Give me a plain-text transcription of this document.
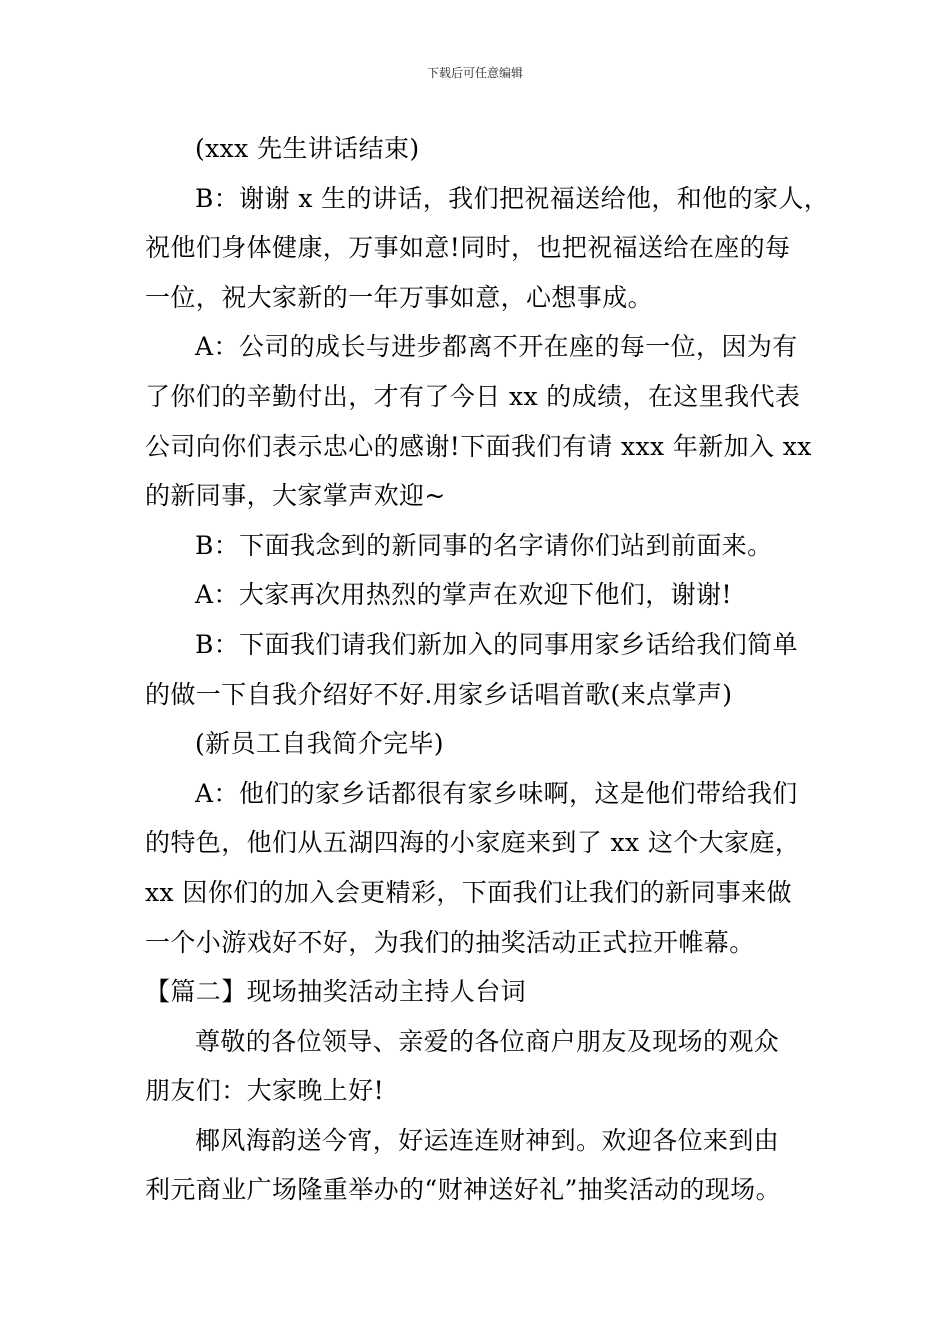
下载后可任意编辑

(xxx 先生讲话结束)

B：谢谢 x 生的讲话，我们把祝福送给他，和他的家人，
祝他们身体健康，万事如意!同时，也把祝福送给在座的每
一位，祝大家新的一年万事如意，心想事成。

A：公司的成长与进步都离不开在座的每一位，因为有
了你们的辛勤付出，才有了今日 xx 的成绩，在这里我代表
公司向你们表示忠心的感谢!下面我们有请 xxx 年新加入 xx
的新同事，大家掌声欢迎~

B：下面我念到的新同事的名字请你们站到前面来。

A：大家再次用热烈的掌声在欢迎下他们，谢谢!

B：下面我们请我们新加入的同事用家乡话给我们简单
的做一下自我介绍好不好.用家乡话唱首歌(来点掌声)

(新员工自我简介完毕)

A：他们的家乡话都很有家乡味啊，这是他们带给我们
的特色，他们从五湖四海的小家庭来到了 xx 这个大家庭，
xx 因你们的加入会更精彩，下面我们让我们的新同事来做
一个小游戏好不好，为我们的抽奖活动正式拉开帷幕。

【篇二】现场抽奖活动主持人台词

尊敬的各位领导、亲爱的各位商户朋友及现场的观众
朋友们：大家晚上好!

椰风海韵送今宵，好运连连财神到。欢迎各位来到由
利元商业广场隆重举办的“财神送好礼”抽奖活动的现场。
